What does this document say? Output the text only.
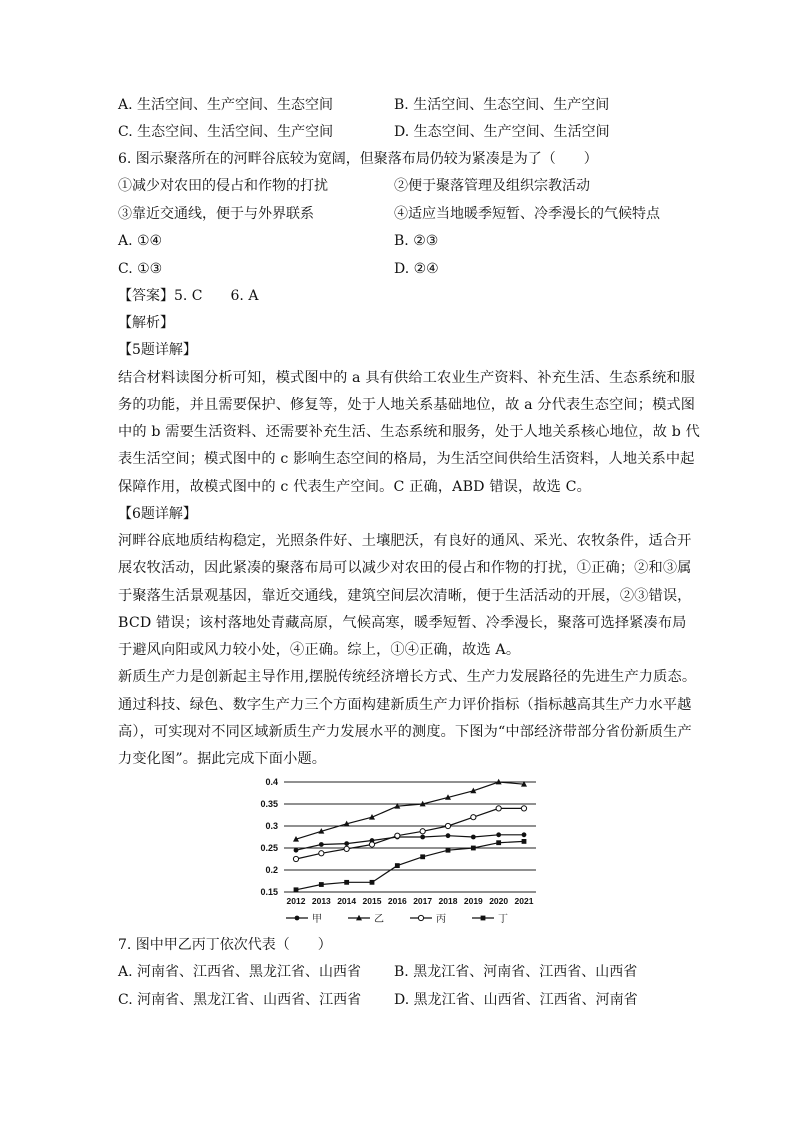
A. 生活空间、生产空间、生态空间	B. 生活空间、生态空间、生产空间
C. 生态空间、生活空间、生产空间	D. 生态空间、生产空间、生活空间
6. 图示聚落所在的河畔谷底较为宽阔，但聚落布局仍较为紧凑是为了（　　）
①减少对农田的侵占和作物的打扰	②便于聚落管理及组织宗教活动
③靠近交通线，便于与外界联系	④适应当地暖季短暂、冷季漫长的气候特点
A. ①④	B. ②③
C. ①③	D. ②④
【答案】5. C　　6. A
【解析】
【5题详解】
结合材料读图分析可知，模式图中的 a 具有供给工农业生产资料、补充生活、生态系统和服
务的功能，并且需要保护、修复等，处于人地关系基础地位，故 a 分代表生态空间；模式图
中的 b 需要生活资料、还需要补充生活、生态系统和服务，处于人地关系核心地位，故 b 代
表生活空间；模式图中的 c 影响生态空间的格局，为生活空间供给生活资料，人地关系中起
保障作用，故模式图中的 c 代表生产空间。C 正确，ABD 错误，故选 C。
【6题详解】
河畔谷底地质结构稳定，光照条件好、土壤肥沃，有良好的通风、采光、农牧条件，适合开
展农牧活动，因此紧凑的聚落布局可以减少对农田的侵占和作物的打扰，①正确；②和③属
于聚落生活景观基因，靠近交通线，建筑空间层次清晰，便于生活活动的开展，②③错误，
BCD 错误；该村落地处青藏高原，气候高寒，暖季短暂、冷季漫长，聚落可选择紧凑布局
于避风向阳或风力较小处，④正确。综上，①④正确，故选 A。
新质生产力是创新起主导作用,摆脱传统经济增长方式、生产力发展路径的先进生产力质态。
通过科技、绿色、数字生产力三个方面构建新质生产力评价指标（指标越高其生产力水平越
高），可实现对不同区域新质生产力发展水平的测度。下图为“中部经济带部分省份新质生产
力变化图”。据此完成下面小题。
0.15
0.2
0.25
0.3
0.35
0.4
2012 2013 2014 2015 2016 2017 2018 2019 2020 2021
甲	乙	丙	丁
7. 图中甲乙丙丁依次代表（　　）
A. 河南省、江西省、黑龙江省、山西省 B. 黑龙江省、河南省、江西省、山西省
C. 河南省、黑龙江省、山西省、江西省 D. 黑龙江省、山西省、江西省、河南省
